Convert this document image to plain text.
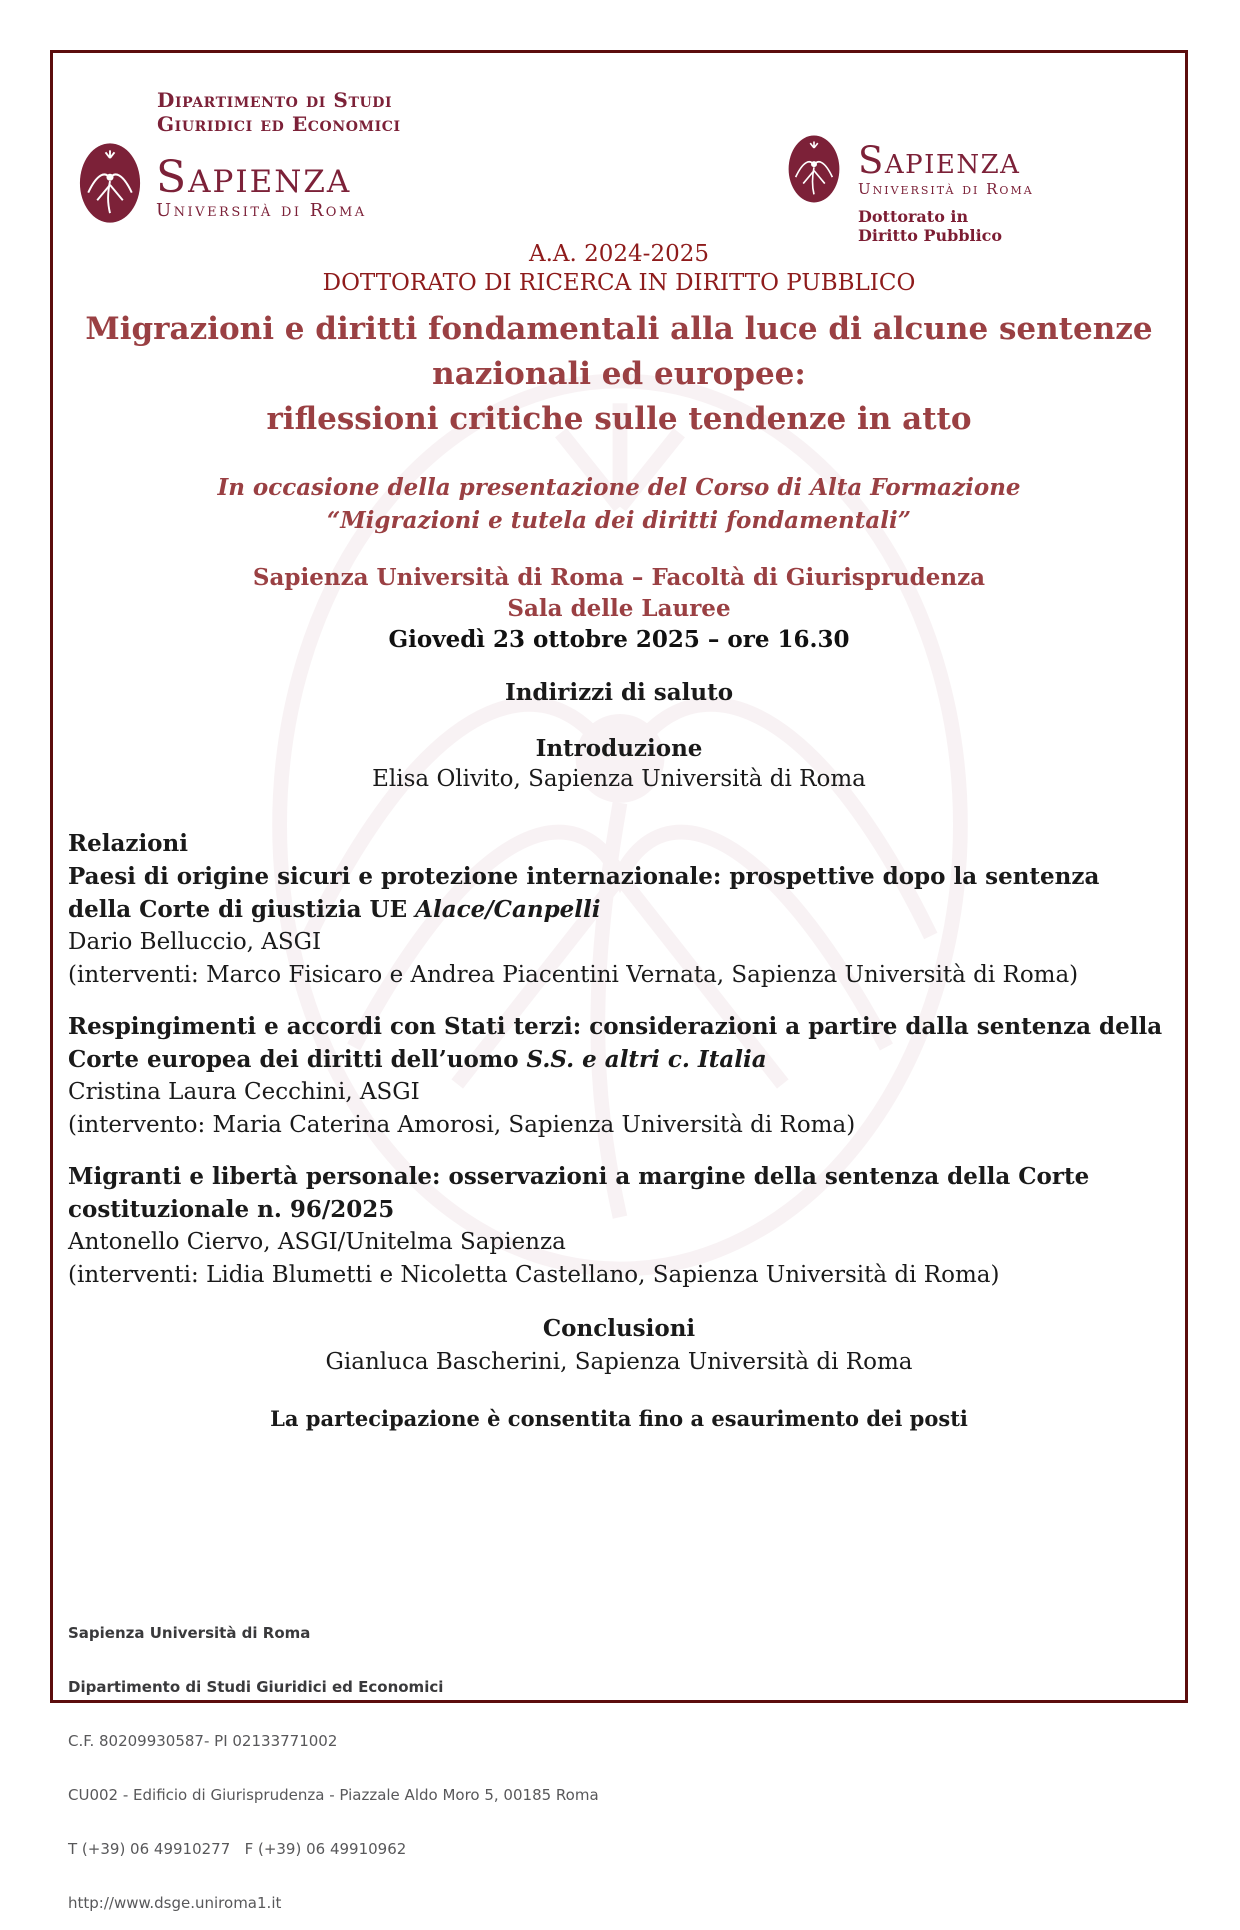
Dipartimento di Studi
Giuridici ed Economici
Sapienza
Università di Roma
Sapienza
Università di Roma
Dottorato in Diritto Pubblico
A.A. 2024-2025
DOTTORATO DI RICERCA IN DIRITTO PUBBLICO
Migrazioni e diritti fondamentali alla luce di alcune sentenze
nazionali ed europee:
riflessioni critiche sulle tendenze in atto
In occasione della presentazione del Corso di Alta Formazione
“Migrazioni e tutela dei diritti fondamentali”
Sapienza Università di Roma – Facoltà di Giurisprudenza
Sala delle Lauree
Giovedì 23 ottobre 2025 – ore 16.30
Indirizzi di saluto
Introduzione
Elisa Olivito, Sapienza Università di Roma
Relazioni
Paesi di origine sicuri e protezione internazionale: prospettive dopo la sentenza della Corte di giustizia UE Alace/Canpelli
Dario Belluccio, ASGI
(interventi: Marco Fisicaro e Andrea Piacentini Vernata, Sapienza Università di Roma)
Respingimenti e accordi con Stati terzi: considerazioni a partire dalla sentenza della Corte europea dei diritti dell’uomo S.S. e altri c. Italia
Cristina Laura Cecchini, ASGI
(intervento: Maria Caterina Amorosi, Sapienza Università di Roma)
Migranti e libertà personale: osservazioni a margine della sentenza della Corte costituzionale n. 96/2025
Antonello Ciervo, ASGI/Unitelma Sapienza
(interventi: Lidia Blumetti e Nicoletta Castellano, Sapienza Università di Roma)
Conclusioni
Gianluca Bascherini, Sapienza Università di Roma
La partecipazione è consentita fino a esaurimento dei posti

Sapienza Università di Roma

Dipartimento di Studi Giuridici ed Economici

C.F. 80209930587- PI 02133771002

CU002 - Edificio di Giurisprudenza - Piazzale Aldo Moro 5, 00185 Roma

T (+39) 06 49910277   F (+39) 06 49910962

http://www.dsge.uniroma1.it
